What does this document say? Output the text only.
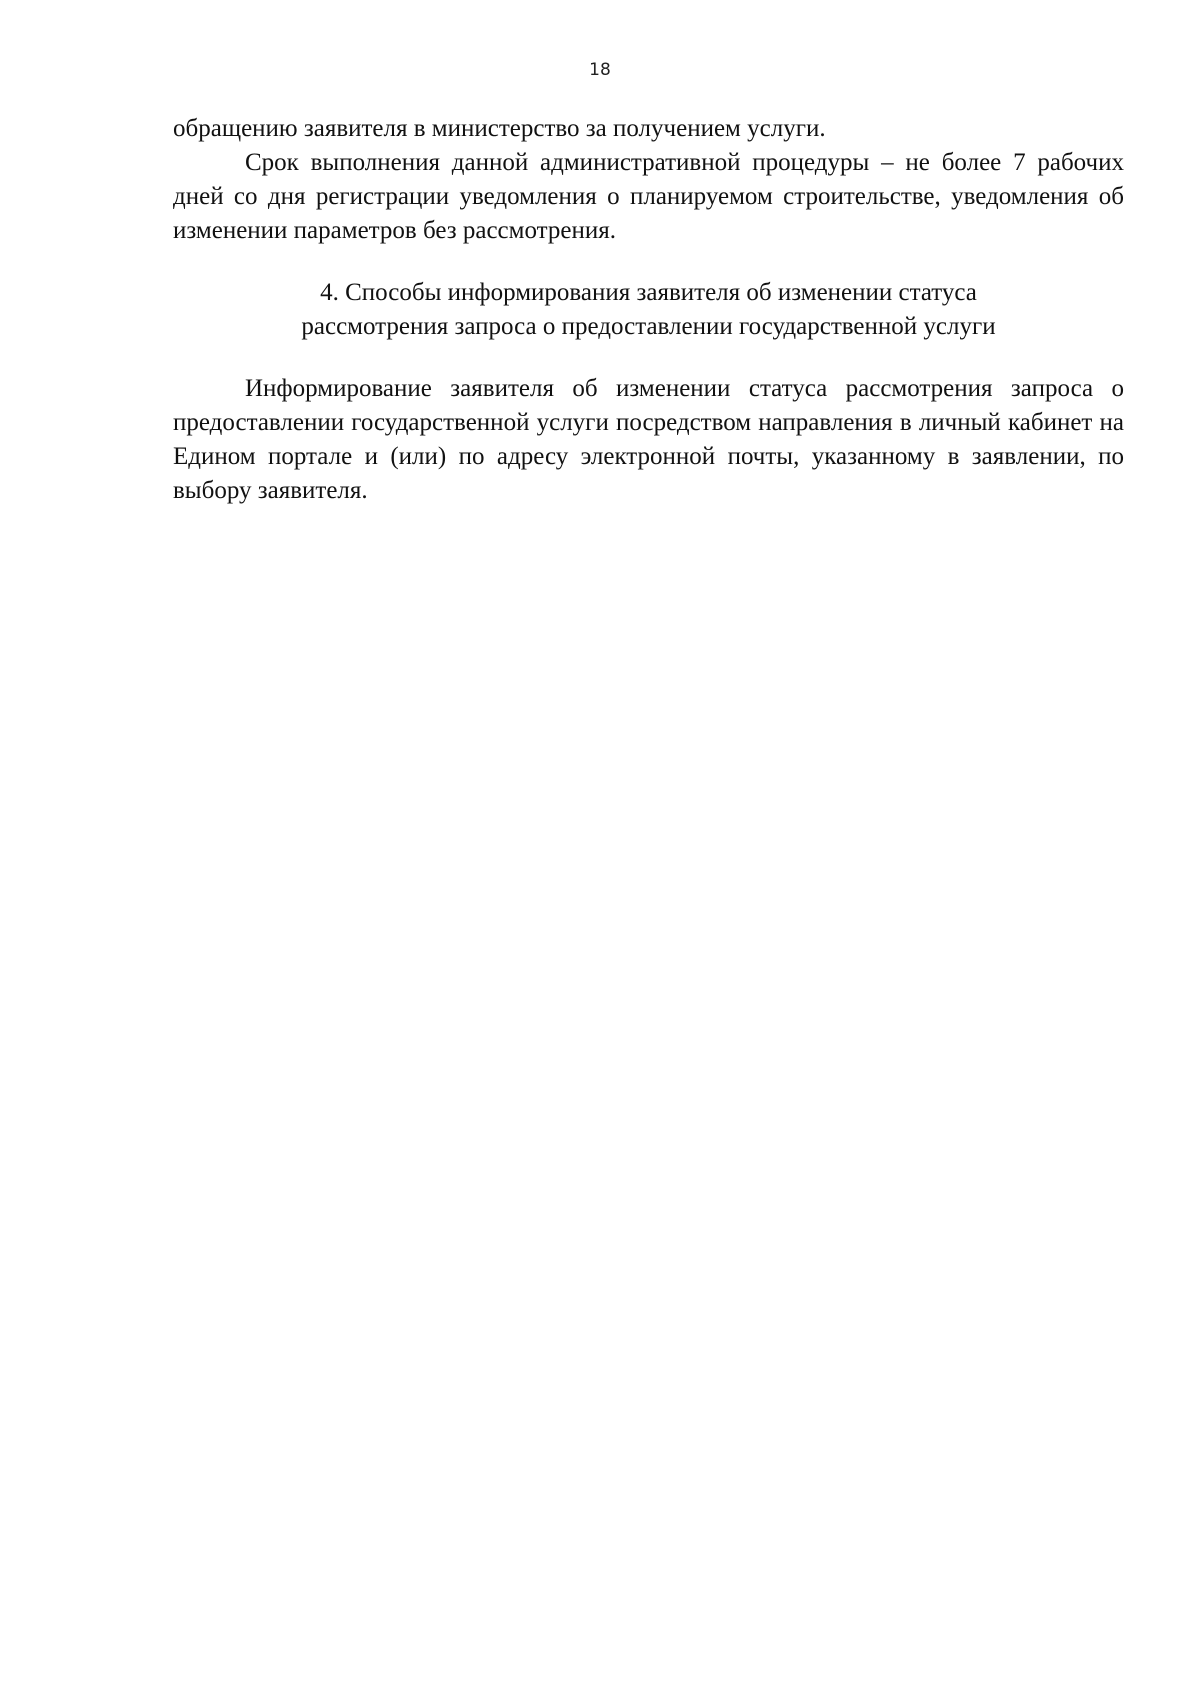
18

обращению заявителя в министерство за получением услуги.

Срок выполнения данной административной процедуры – не более 7 рабочих дней со дня регистрации уведомления о планируемом строительстве, уведомления об изменении параметров без рассмотрения.

4. Способы информирования заявителя об изменении статуса

рассмотрения запроса о предоставлении государственной услуги

Информирование заявителя об изменении статуса рассмотрения запроса о предоставлении государственной услуги посредством направления в личный кабинет на Едином портале и (или) по адресу электронной почты, указанному в заявлении, по выбору заявителя.
